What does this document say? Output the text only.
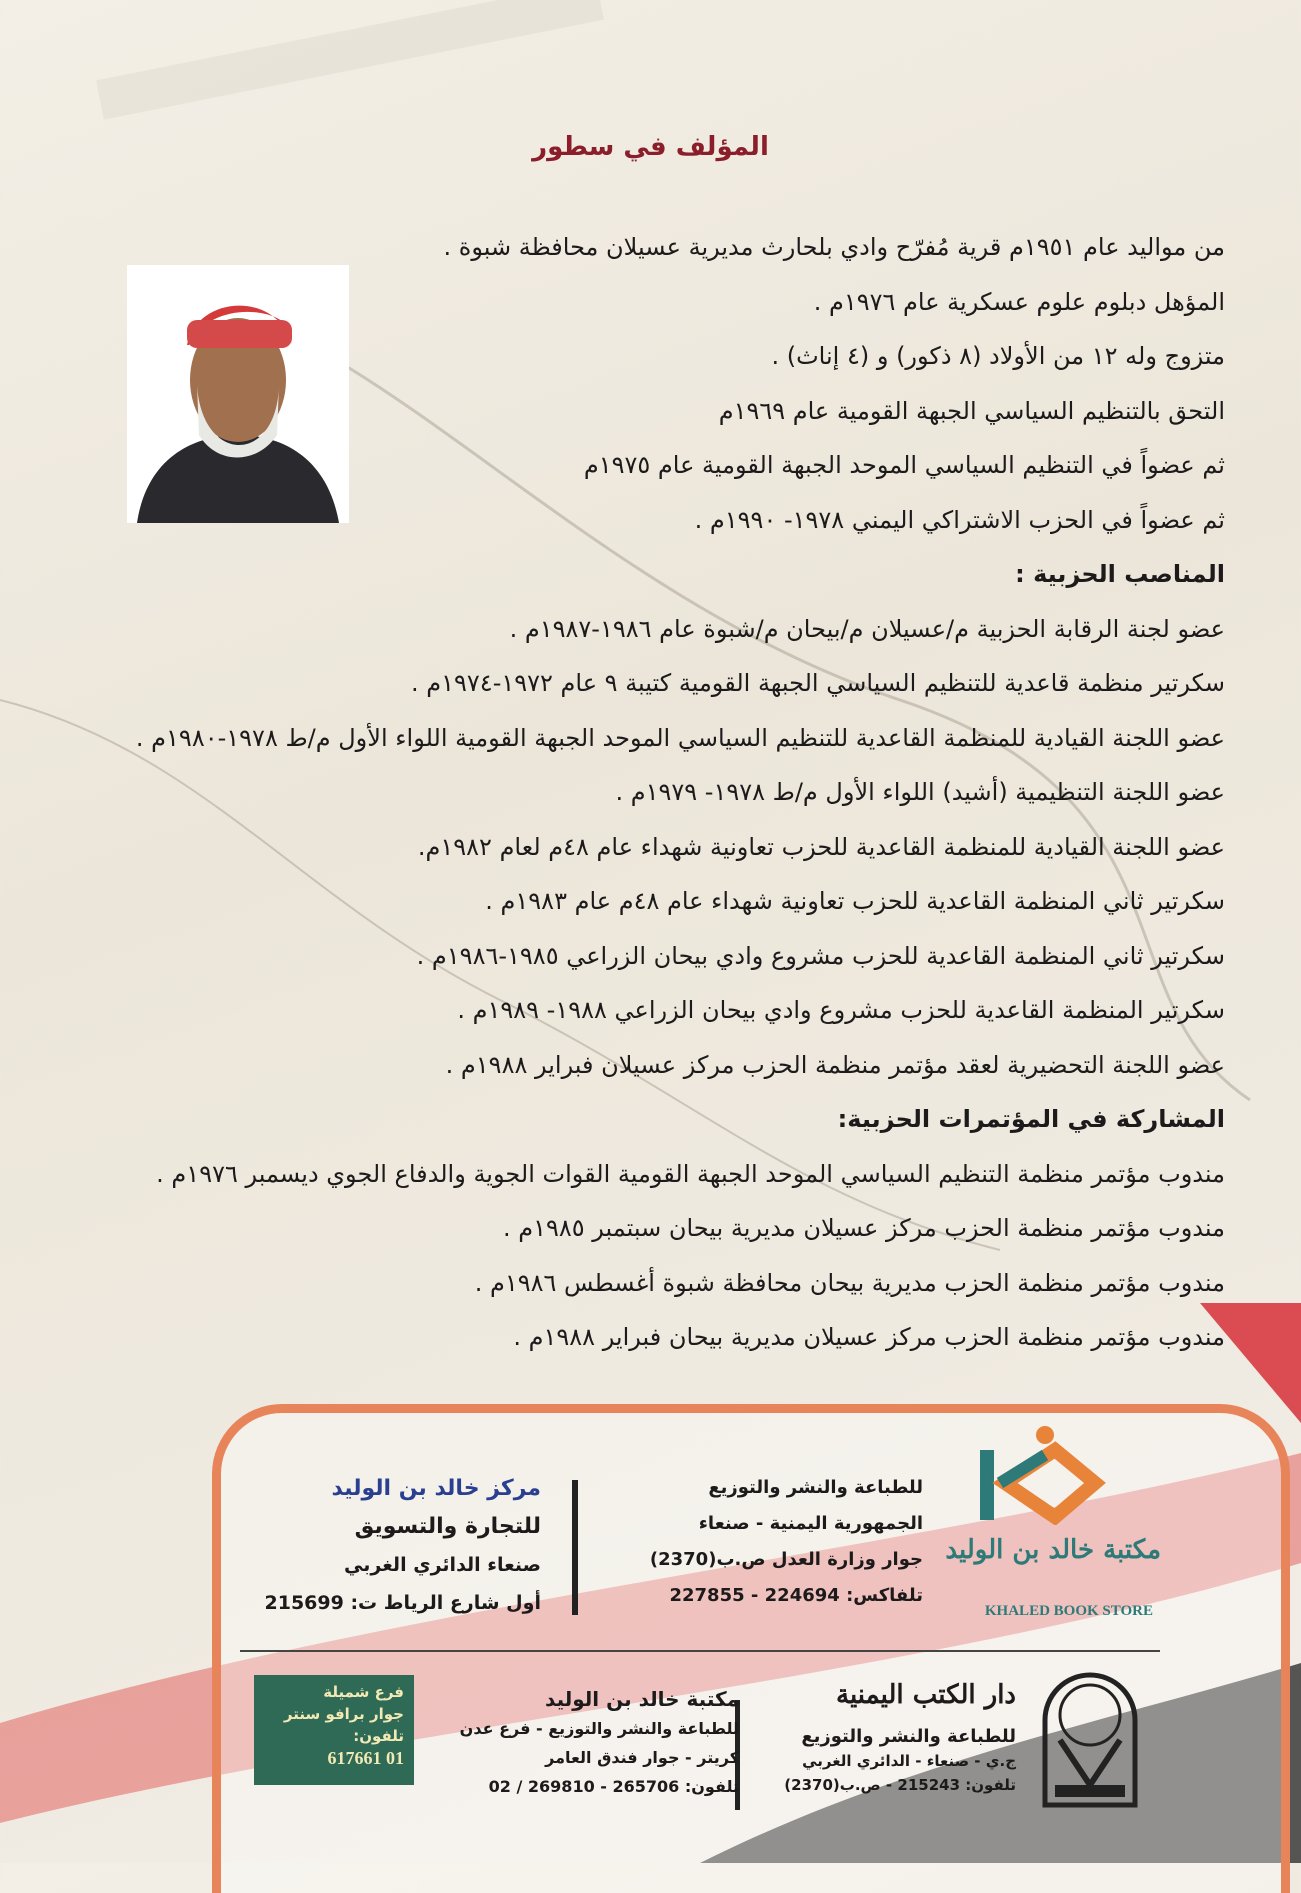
المؤلف في سطور
من مواليد عام ١٩٥١م قرية مُفرّح وادي بلحارث مديرية عسيلان محافظة شبوة .
المؤهل دبلوم علوم عسكرية عام ١٩٧٦م .
متزوج وله ١٢ من الأولاد (٨ ذكور) و (٤ إناث) .
التحق بالتنظيم السياسي الجبهة القومية عام ١٩٦٩م
ثم عضواً في التنظيم السياسي الموحد الجبهة القومية عام ١٩٧٥م
ثم عضواً في الحزب الاشتراكي اليمني ١٩٧٨- ١٩٩٠م .
المناصب الحزبية :
عضو لجنة الرقابة الحزبية م/عسيلان م/بيحان م/شبوة عام ١٩٨٦-١٩٨٧م .
سكرتير منظمة قاعدية للتنظيم السياسي الجبهة القومية كتيبة ٩ عام ١٩٧٢-١٩٧٤م .
عضو اللجنة القيادية للمنظمة القاعدية للتنظيم السياسي الموحد الجبهة القومية اللواء الأول م/ط ١٩٧٨-١٩٨٠م .
عضو اللجنة التنظيمية (أشيد) اللواء الأول م/ط ١٩٧٨- ١٩٧٩م .
عضو اللجنة القيادية للمنظمة القاعدية للحزب تعاونية شهداء عام ٤٨م لعام ١٩٨٢م.
سكرتير ثاني المنظمة القاعدية للحزب تعاونية شهداء عام ٤٨م عام ١٩٨٣م .
سكرتير ثاني المنظمة القاعدية للحزب مشروع وادي بيحان الزراعي ١٩٨٥-١٩٨٦م .
سكرتير المنظمة القاعدية للحزب مشروع وادي بيحان الزراعي ١٩٨٨- ١٩٨٩م .
عضو اللجنة التحضيرية لعقد مؤتمر منظمة الحزب مركز عسيلان فبراير ١٩٨٨م .
المشاركة في المؤتمرات الحزبية:
مندوب مؤتمر منظمة التنظيم السياسي الموحد الجبهة القومية القوات الجوية والدفاع الجوي ديسمبر ١٩٧٦م .
مندوب مؤتمر منظمة الحزب مركز عسيلان مديرية بيحان سبتمبر ١٩٨٥م .
مندوب مؤتمر منظمة الحزب مديرية بيحان محافظة شبوة أغسطس ١٩٨٦م .
مندوب مؤتمر منظمة الحزب مركز عسيلان مديرية بيحان فبراير ١٩٨٨م .
مكتبة خالد بن الوليد
KHALED BOOK STORE
للطباعة والنشر والتوزيع
الجمهورية اليمنية - صنعاء
جوار وزارة العدل ص.ب(2370)
تلفاكس: 224694 - 227855
مركز خالد بن الوليد
للتجارة والتسويق
صنعاء الدائري الغربي
أول شارع الرياط ت: 215699
دار الكتب اليمنية
للطباعة والنشر والتوزيع
ج.ي - صنعاء - الدائري الغربي
تلفون: 215243 - ص.ب(2370)
مكتبة خالد بن الوليد
للطباعة والنشر والتوزيع - فرع عدن
كريتر - جوار فندق العامر
تلفون: 265706 - 269810 / 02
فرع شميلة
جوار برافو سنتر
تلفون:
01 617661
